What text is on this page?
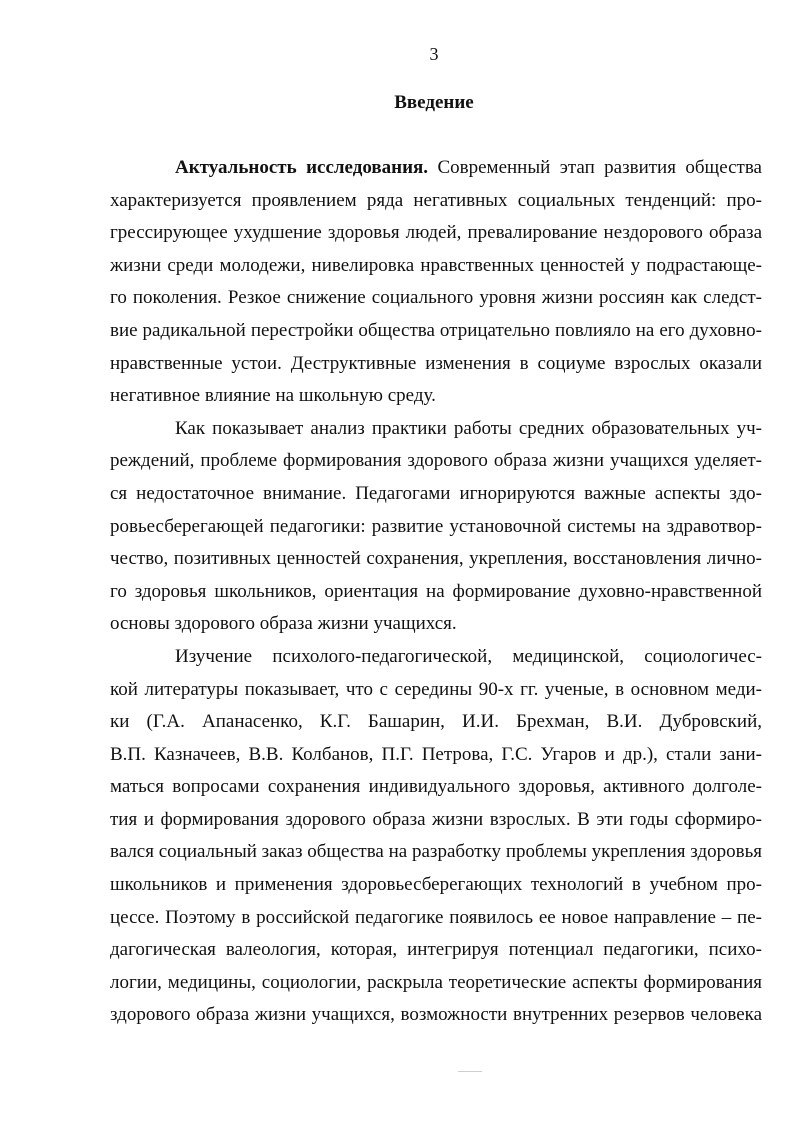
3
Введение
Актуальность исследования. Современный этап развития общества
характеризуется проявлением ряда негативных социальных тенденций: про-
грессирующее ухудшение здоровья людей, превалирование нездорового образа
жизни среди молодежи, нивелировка нравственных ценностей у подрастающе-
го поколения. Резкое снижение социального уровня жизни россиян как следст-
вие радикальной перестройки общества отрицательно повлияло на его духовно-
нравственные устои. Деструктивные изменения в социуме взрослых оказали
негативное влияние на школьную среду.
Как показывает анализ практики работы средних образовательных уч-
реждений, проблеме формирования здорового образа жизни учащихся уделяет-
ся недостаточное внимание. Педагогами игнорируются важные аспекты здо-
ровьесберегающей педагогики: развитие установочной системы на здравотвор-
чество, позитивных ценностей сохранения, укрепления, восстановления лично-
го здоровья школьников, ориентация на формирование духовно-нравственной
основы здорового образа жизни учащихся.
Изучение психолого-педагогической, медицинской, социологичес-
кой литературы показывает, что с середины 90-х гг. ученые, в основном меди-
ки (Г.А. Апанасенко, К.Г. Башарин, И.И. Брехман, В.И. Дубровский,
В.П. Казначеев, В.В. Колбанов, П.Г. Петрова, Г.С. Угаров и др.), стали зани-
маться вопросами сохранения индивидуального здоровья, активного долголе-
тия и формирования здорового образа жизни взрослых. В эти годы сформиро-
вался социальный заказ общества на разработку проблемы укрепления здоровья
школьников и применения здоровьесберегающих технологий в учебном про-
цессе. Поэтому в российской педагогике появилось ее новое направление – пе-
дагогическая валеология, которая, интегрируя потенциал педагогики, психо-
логии, медицины, социологии, раскрыла теоретические аспекты формирования
здорового образа жизни учащихся, возможности внутренних резервов человека
